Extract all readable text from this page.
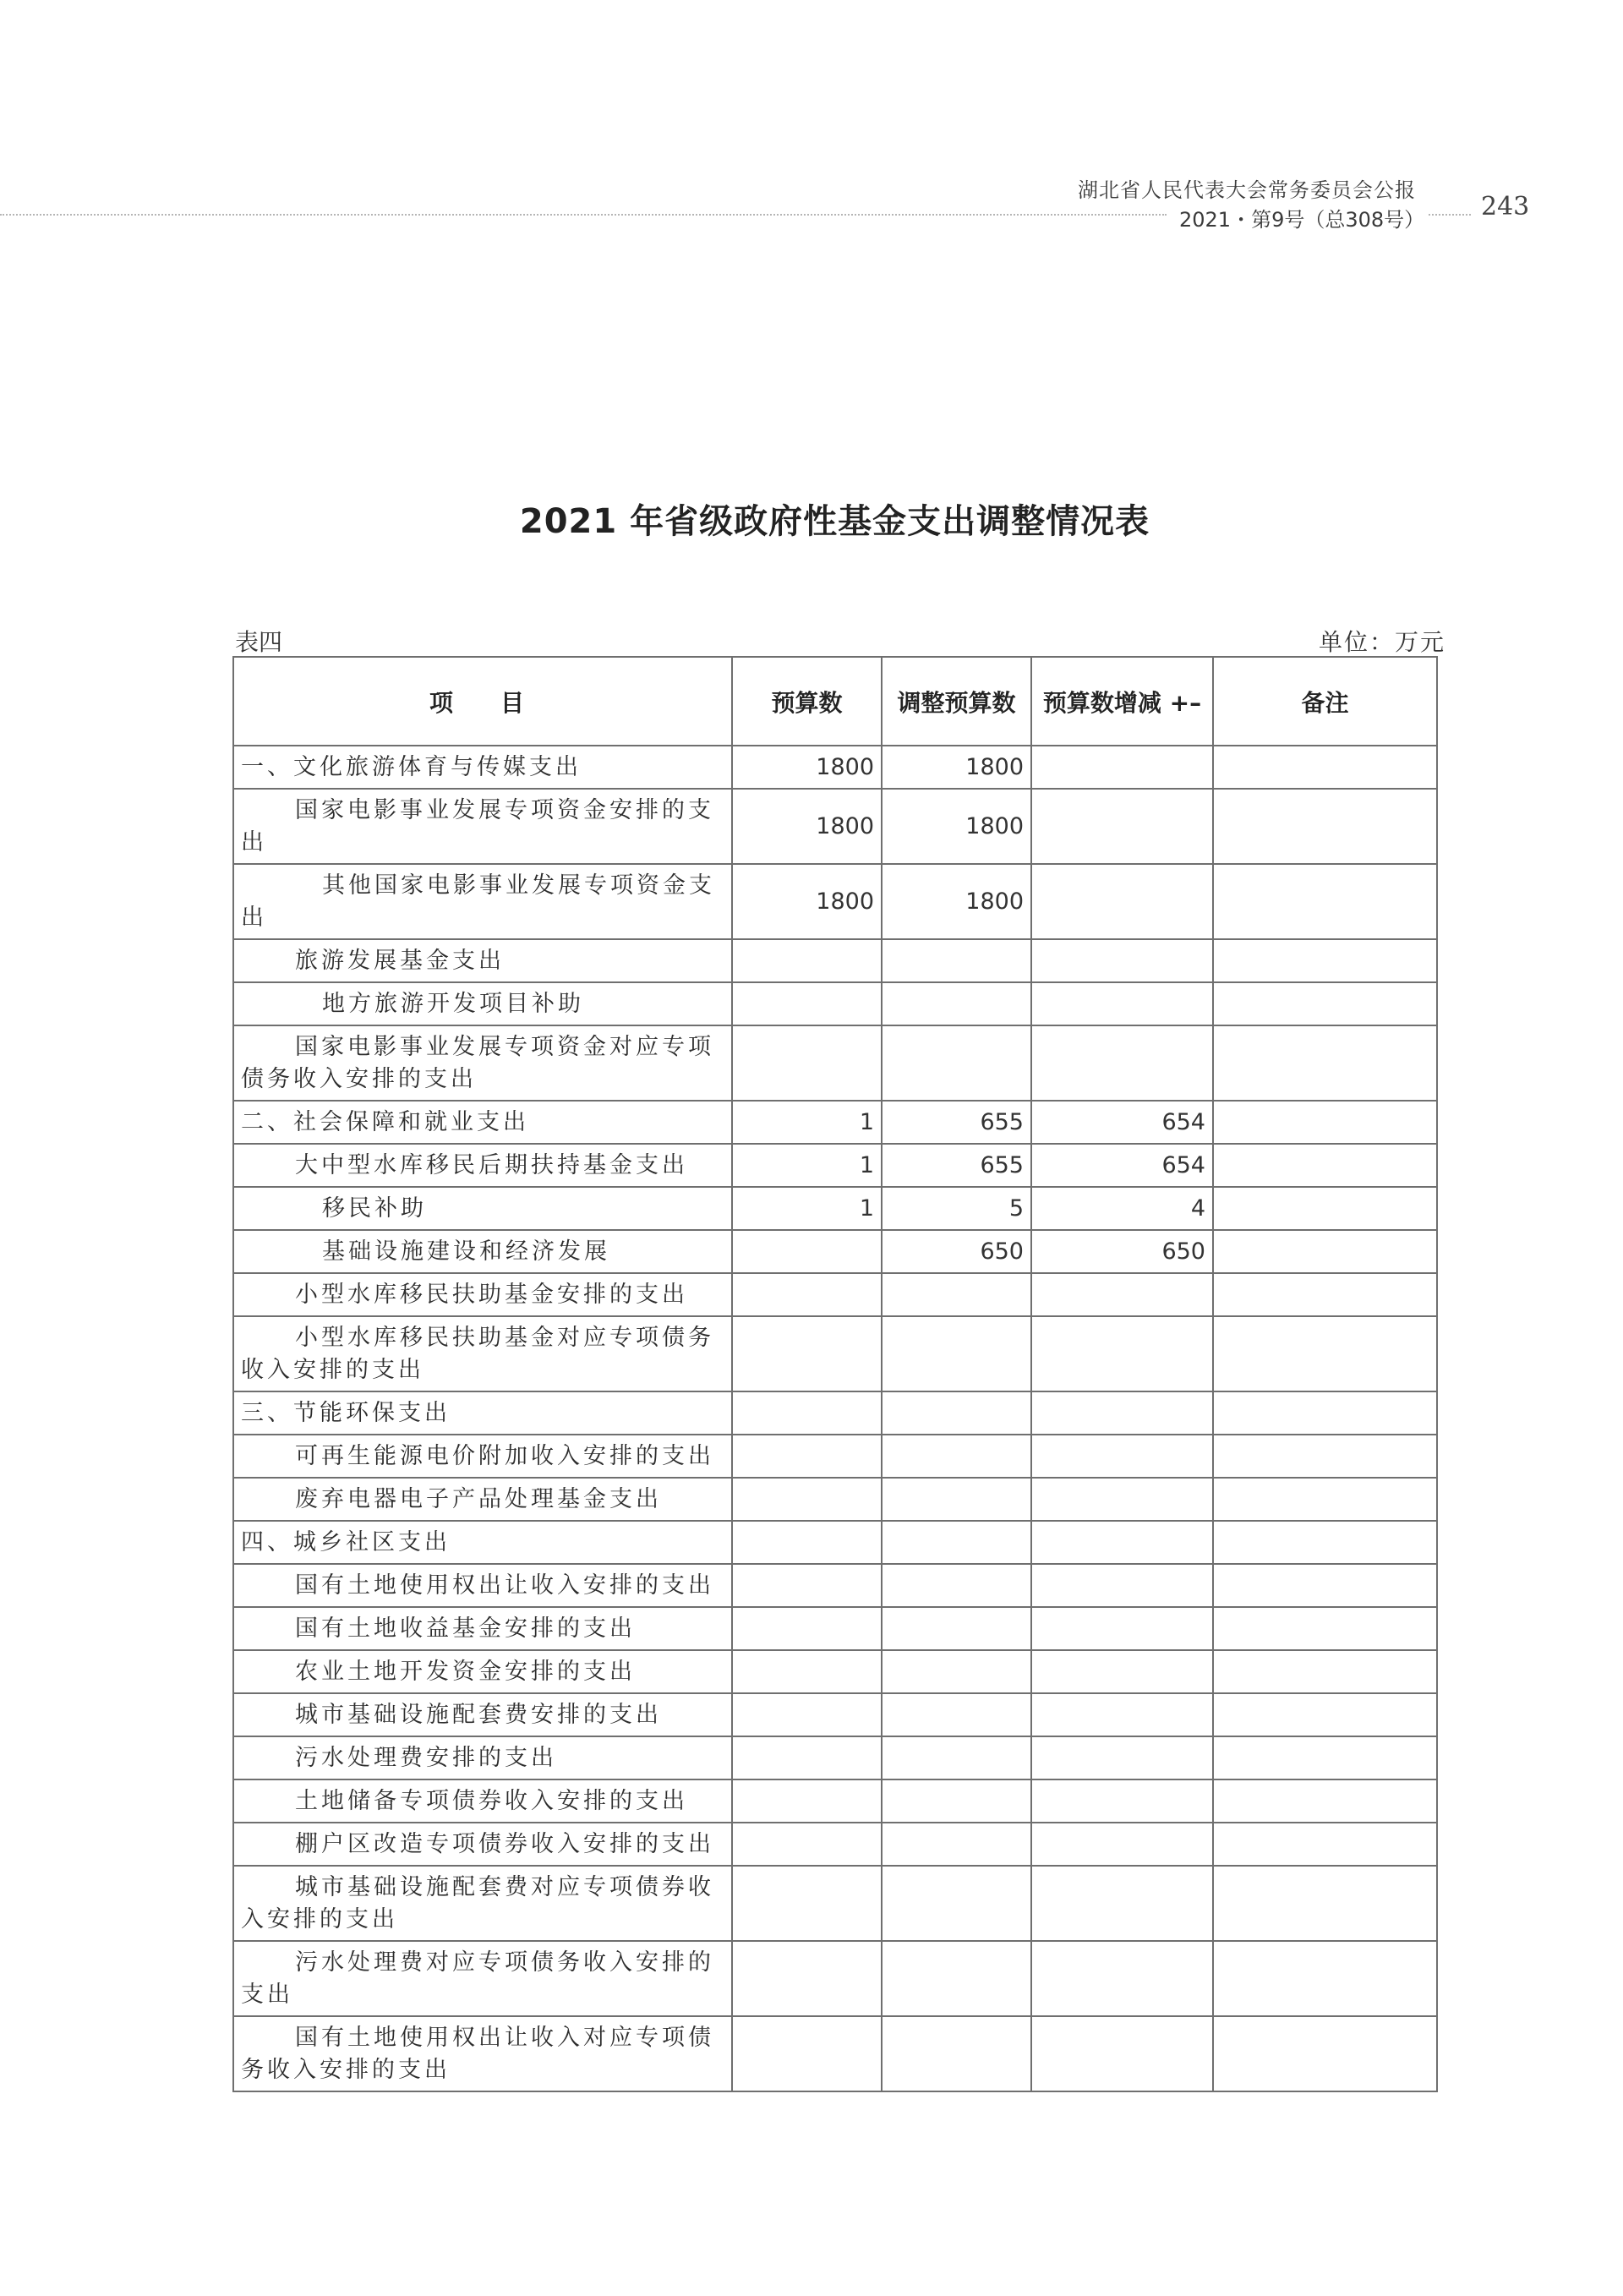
湖北省人民代表大会常务委员会公报
2021・第9号（总308号） 243
2021 年省级政府性基金支出调整情况表
表四	单位：万元
项　目	预算数	调整预算数	预算数增减 +–	备注
一、文化旅游体育与传媒支出	1800	1800		
国家电影事业发展专项资金安排的支出	1800	1800		
其他国家电影事业发展专项资金支出	1800	1800		
旅游发展基金支出				
地方旅游开发项目补助				
国家电影事业发展专项资金对应专项债务收入安排的支出				
二、社会保障和就业支出	1	655	654	
大中型水库移民后期扶持基金支出	1	655	654	
移民补助	1	5	4	
基础设施建设和经济发展		650	650	
小型水库移民扶助基金安排的支出				
小型水库移民扶助基金对应专项债务收入安排的支出				
三、节能环保支出				
可再生能源电价附加收入安排的支出				
废弃电器电子产品处理基金支出				
四、城乡社区支出				
国有土地使用权出让收入安排的支出				
国有土地收益基金安排的支出				
农业土地开发资金安排的支出				
城市基础设施配套费安排的支出				
污水处理费安排的支出				
土地储备专项债券收入安排的支出				
棚户区改造专项债券收入安排的支出				
城市基础设施配套费对应专项债券收入安排的支出				
污水处理费对应专项债务收入安排的支出				
国有土地使用权出让收入对应专项债务收入安排的支出				
